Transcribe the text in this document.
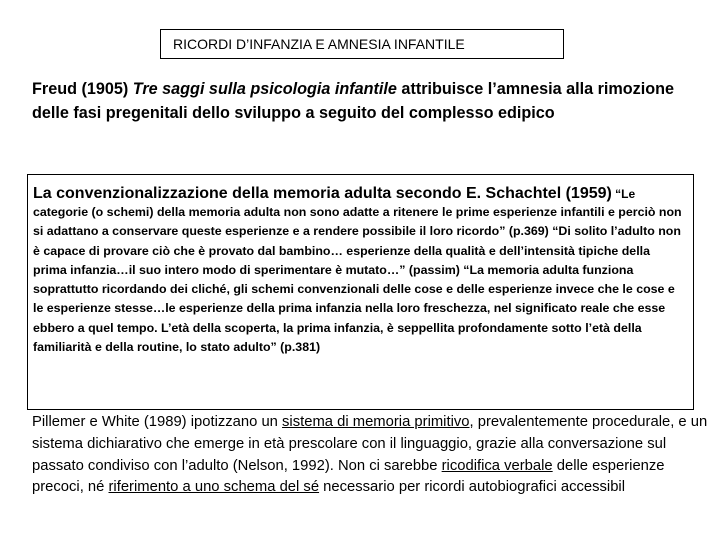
RICORDI D’INFANZIA E AMNESIA INFANTILE
Freud (1905) Tre saggi sulla psicologia infantile attribuisce l’amnesia alla rimozione delle fasi pregenitali dello sviluppo a seguito del complesso edipico
La convenzionalizzazione della memoria adulta secondo E. Schachtel (1959) “Le
categorie (o schemi) della memoria adulta non sono adatte a ritenere le prime esperienze infantili e perciò non si adattano a conservare queste esperienze e a rendere possibile il loro ricordo” (p.369) “Di solito l’adulto non è capace di provare ciò che è provato dal bambino… esperienze della qualità e dell’intensità tipiche della prima infanzia…il suo intero modo di sperimentare è mutato…” (passim) “La memoria adulta funziona soprattutto ricordando dei cliché, gli schemi convenzionali delle cose e delle esperienze invece che le cose e le esperienze stesse…le esperienze della prima infanzia nella loro freschezza, nel significato reale che esse ebbero a quel tempo. L’età della scoperta, la prima infanzia, è seppellita profondamente sotto l’età della familiarità e della routine, lo stato adulto” (p.381)
Pillemer e White (1989) ipotizzano un sistema di memoria primitivo, prevalentemente procedurale, e un sistema dichiarativo che emerge in età prescolare con il linguaggio, grazie alla conversazione sul passato condiviso con l’adulto (Nelson, 1992). Non ci sarebbe ricodifica verbale delle esperienze precoci, né riferimento a uno schema del sé necessario per ricordi autobiografici accessibil
